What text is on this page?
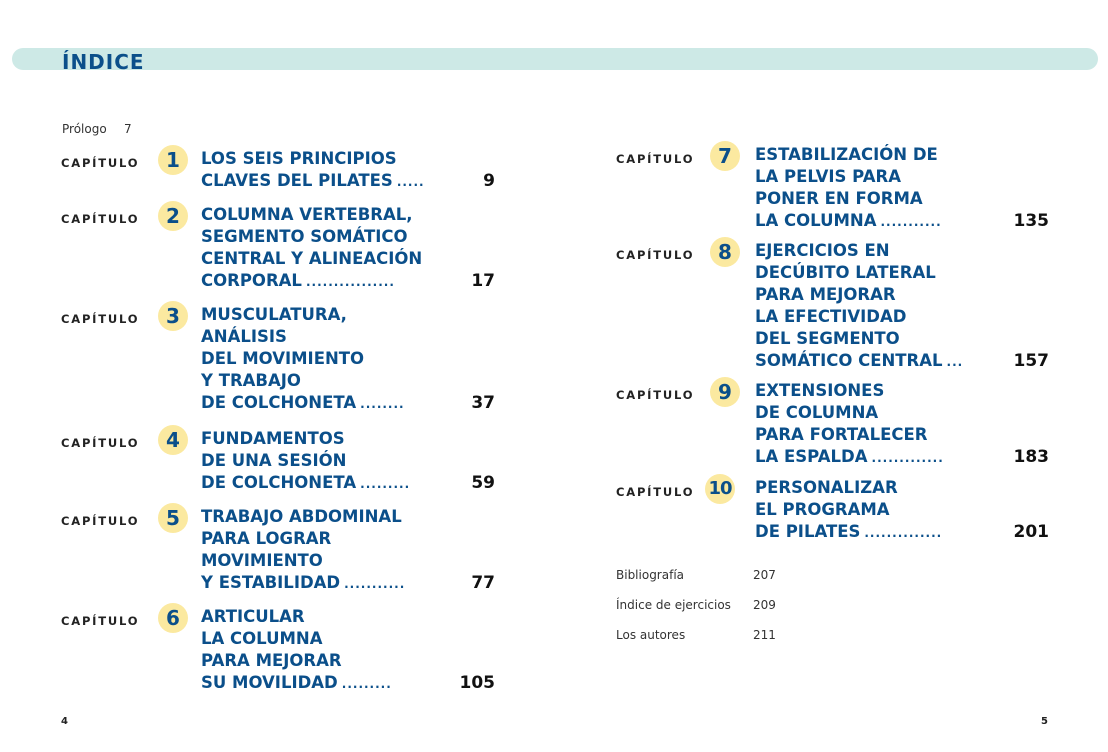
ÍNDICE
Prólogo 7
CAPÍTULO	1	LOS SEIS PRINCIPIOS
CLAVES DEL PILATES .....	9
CAPÍTULO	2	COLUMNA VERTEBRAL,
SEGMENTO SOMÁTICO
CENTRAL Y ALINEACIÓN
CORPORAL ................	17
CAPÍTULO	3	MUSCULATURA,
ANÁLISIS
DEL MOVIMIENTO
Y TRABAJO
DE COLCHONETA ........	37
CAPÍTULO	4	FUNDAMENTOS
DE UNA SESIÓN
DE COLCHONETA .........	59
CAPÍTULO	5	TRABAJO ABDOMINAL
PARA LOGRAR
MOVIMIENTO
Y ESTABILIDAD ...........	77
CAPÍTULO	6	ARTICULAR
LA COLUMNA
PARA MEJORAR
SU MOVILIDAD .........	105
CAPÍTULO	7	ESTABILIZACIÓN DE
LA PELVIS PARA
PONER EN FORMA
LA COLUMNA ...........	135
CAPÍTULO	8	EJERCICIOS EN
DECÚBITO LATERAL
PARA MEJORAR
LA EFECTIVIDAD
DEL SEGMENTO
SOMÁTICO CENTRAL ...	157
CAPÍTULO	9	EXTENSIONES
DE COLUMNA
PARA FORTALECER
LA ESPALDA .............	183
CAPÍTULO 10 PERSONALIZAR
EL PROGRAMA
DE PILATES ..............	201
Bibliografía	207
Índice de ejercicios 209
Los autores	211
4	5
